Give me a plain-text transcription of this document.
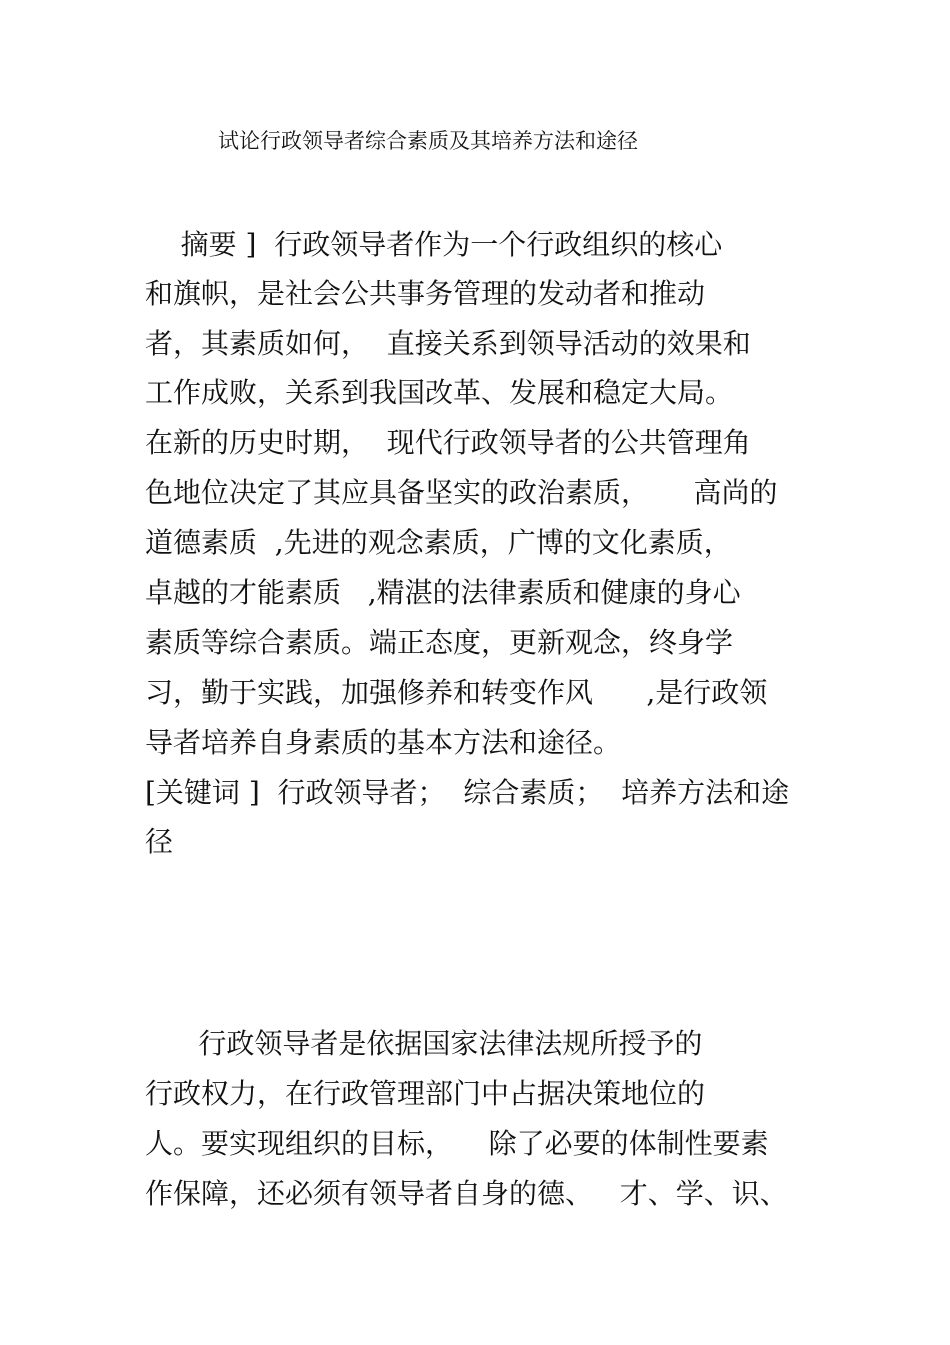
试论行政领导者综合素质及其培养方法和途径
摘要 ]  行政领导者作为一个行政组织的核心
和旗帜，是社会公共事务管理的发动者和推动
者，其素质如何，  直接关系到领导活动的效果和
工作成败，关系到我国改革、发展和稳定大局。
在新的历史时期，  现代行政领导者的公共管理角
色地位决定了其应具备坚实的政治素质，     高尚的
道德素质  ,先进的观念素质，广博的文化素质，
卓越的才能素质   ,精湛的法律素质和健康的身心
素质等综合素质。端正态度，更新观念，终身学
习，勤于实践，加强修养和转变作风      ,是行政领
导者培养自身素质的基本方法和途径。
[关键词 ]  行政领导者；  综合素质；  培养方法和途
径
行政领导者是依据国家法律法规所授予的
行政权力，在行政管理部门中占据决策地位的
人。要实现组织的目标，    除了必要的体制性要素
作保障，还必须有领导者自身的德、   才、学、识、
